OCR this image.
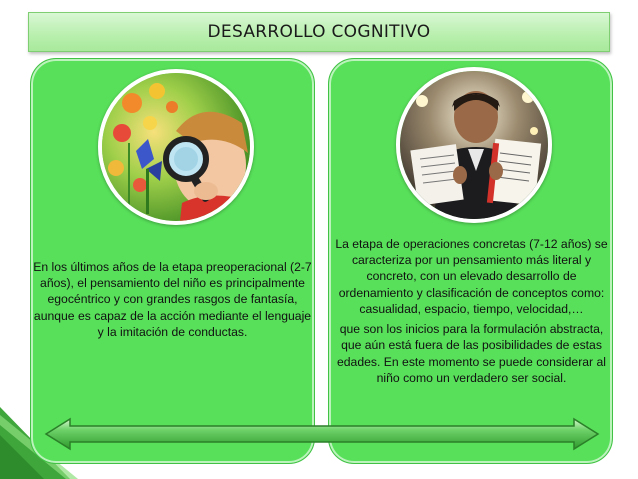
DESARROLLO COGNITIVO

En los últimos años de la etapa preoperacional (2-7 años), el pensamiento del niño es principalmente egocéntrico y con grandes rasgos de fantasía, aunque es capaz de la acción mediante el lenguaje y la imitación de conductas.

La etapa de operaciones concretas (7-12 años) se caracteriza por un pensamiento más literal y concreto, con un elevado desarrollo de ordenamiento y clasificación de conceptos como: casualidad, espacio, tiempo, velocidad,…

que son los inicios para la formulación abstracta, que aún está fuera de las posibilidades de estas edades. En este momento se puede considerar al niño como un verdadero ser social.
